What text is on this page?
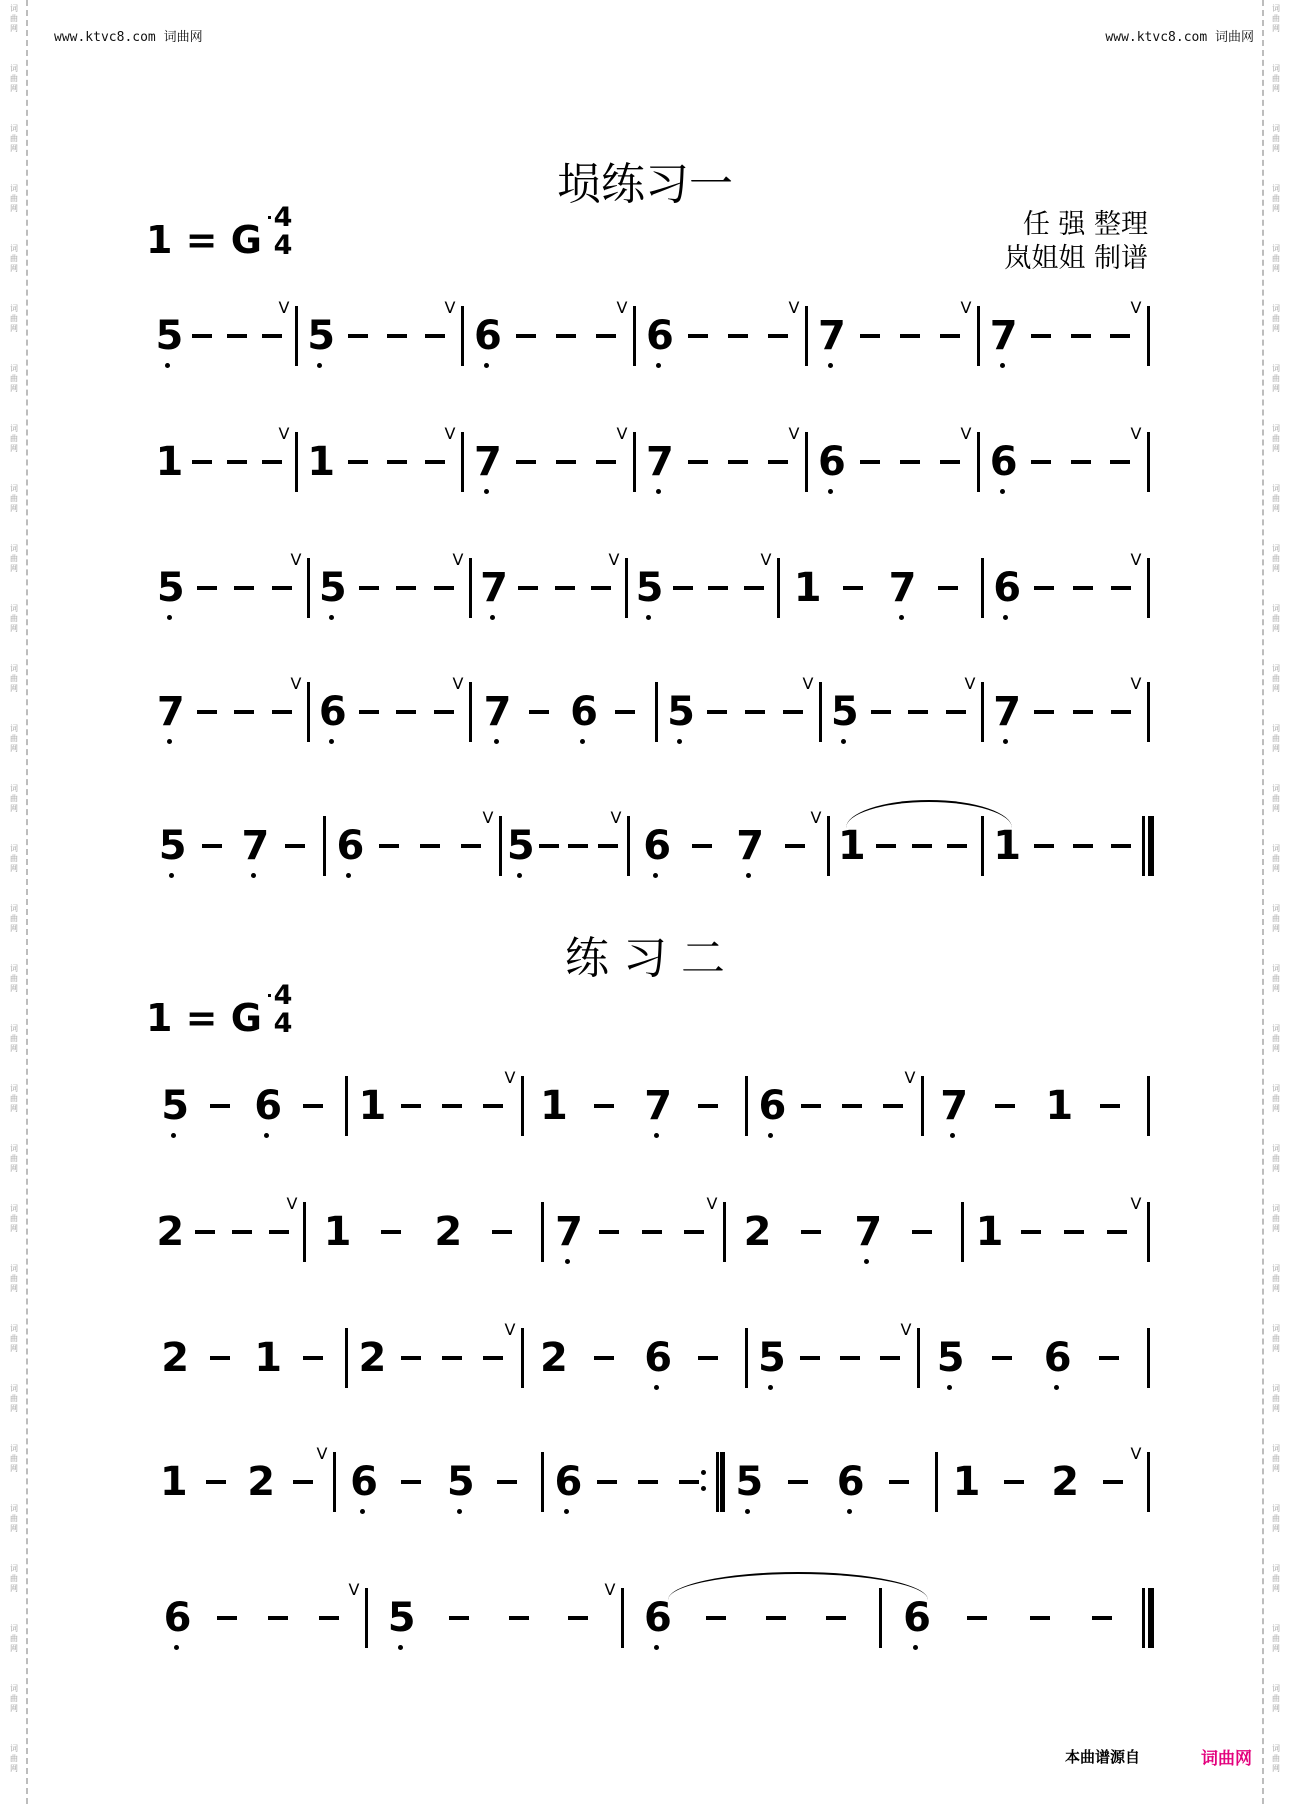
词
曲
网
词
曲
网
词
曲
网
词
曲
网
词
曲
网
词
曲
网
词
曲
网
词
曲
网
词
曲
网
词
曲
网
词
曲
网
词
曲
网
词
曲
网
词
曲
网
词
曲
网
词
曲
网
词
曲
网
词
曲
网
词
曲
网
词
曲
网
词
曲
网
词
曲
网
词
曲
网
词
曲
网
词
曲
网
词
曲
网
词
曲
网
词
曲
网
词
曲
网
词
曲
网
词
曲
网
词
曲
网
词
曲
网
词
曲
网
词
曲
网
词
曲
网
词
曲
网
词
曲
网
词
曲
网
词
曲
网
词
曲
网
词
曲
网
词
曲
网
词
曲
网
词
曲
网
词
曲
网
词
曲
网
词
曲
网
词
曲
网
词
曲
网
词
曲
网
词
曲
网
词
曲
网
词
曲
网
词
曲
网
词
曲
网
词
曲
网
词
曲
网
词
曲
网
词
曲
网
www.ktvc8.com 词曲网	www.ktvc8.com 词曲网
埙练习一
任 强 整理
岚姐姐 制谱
1 = G
4
4
练 习 二
1 = G
4
4
5
V
5
V
6
V
6
V
7
V
7
V
1
V
1
V
7
V
7
V
6
V
6
V
5
V
5
V
7
V
5
V
1 7 6
V
7
V
6
V
7 6 5
V
5
V
7
V
5 7 6
V
5
V
6 7
V
1	1
5 6 1
V
1 7 6
V
7 1
2
V
1 2 7
V
2 7 1
V
2 1 2
V
2 6 5
V
5 6
1 2
V
6 5 6	5 6 1 2
V
6
V
5
V
6	6
本曲谱源自	词曲网
